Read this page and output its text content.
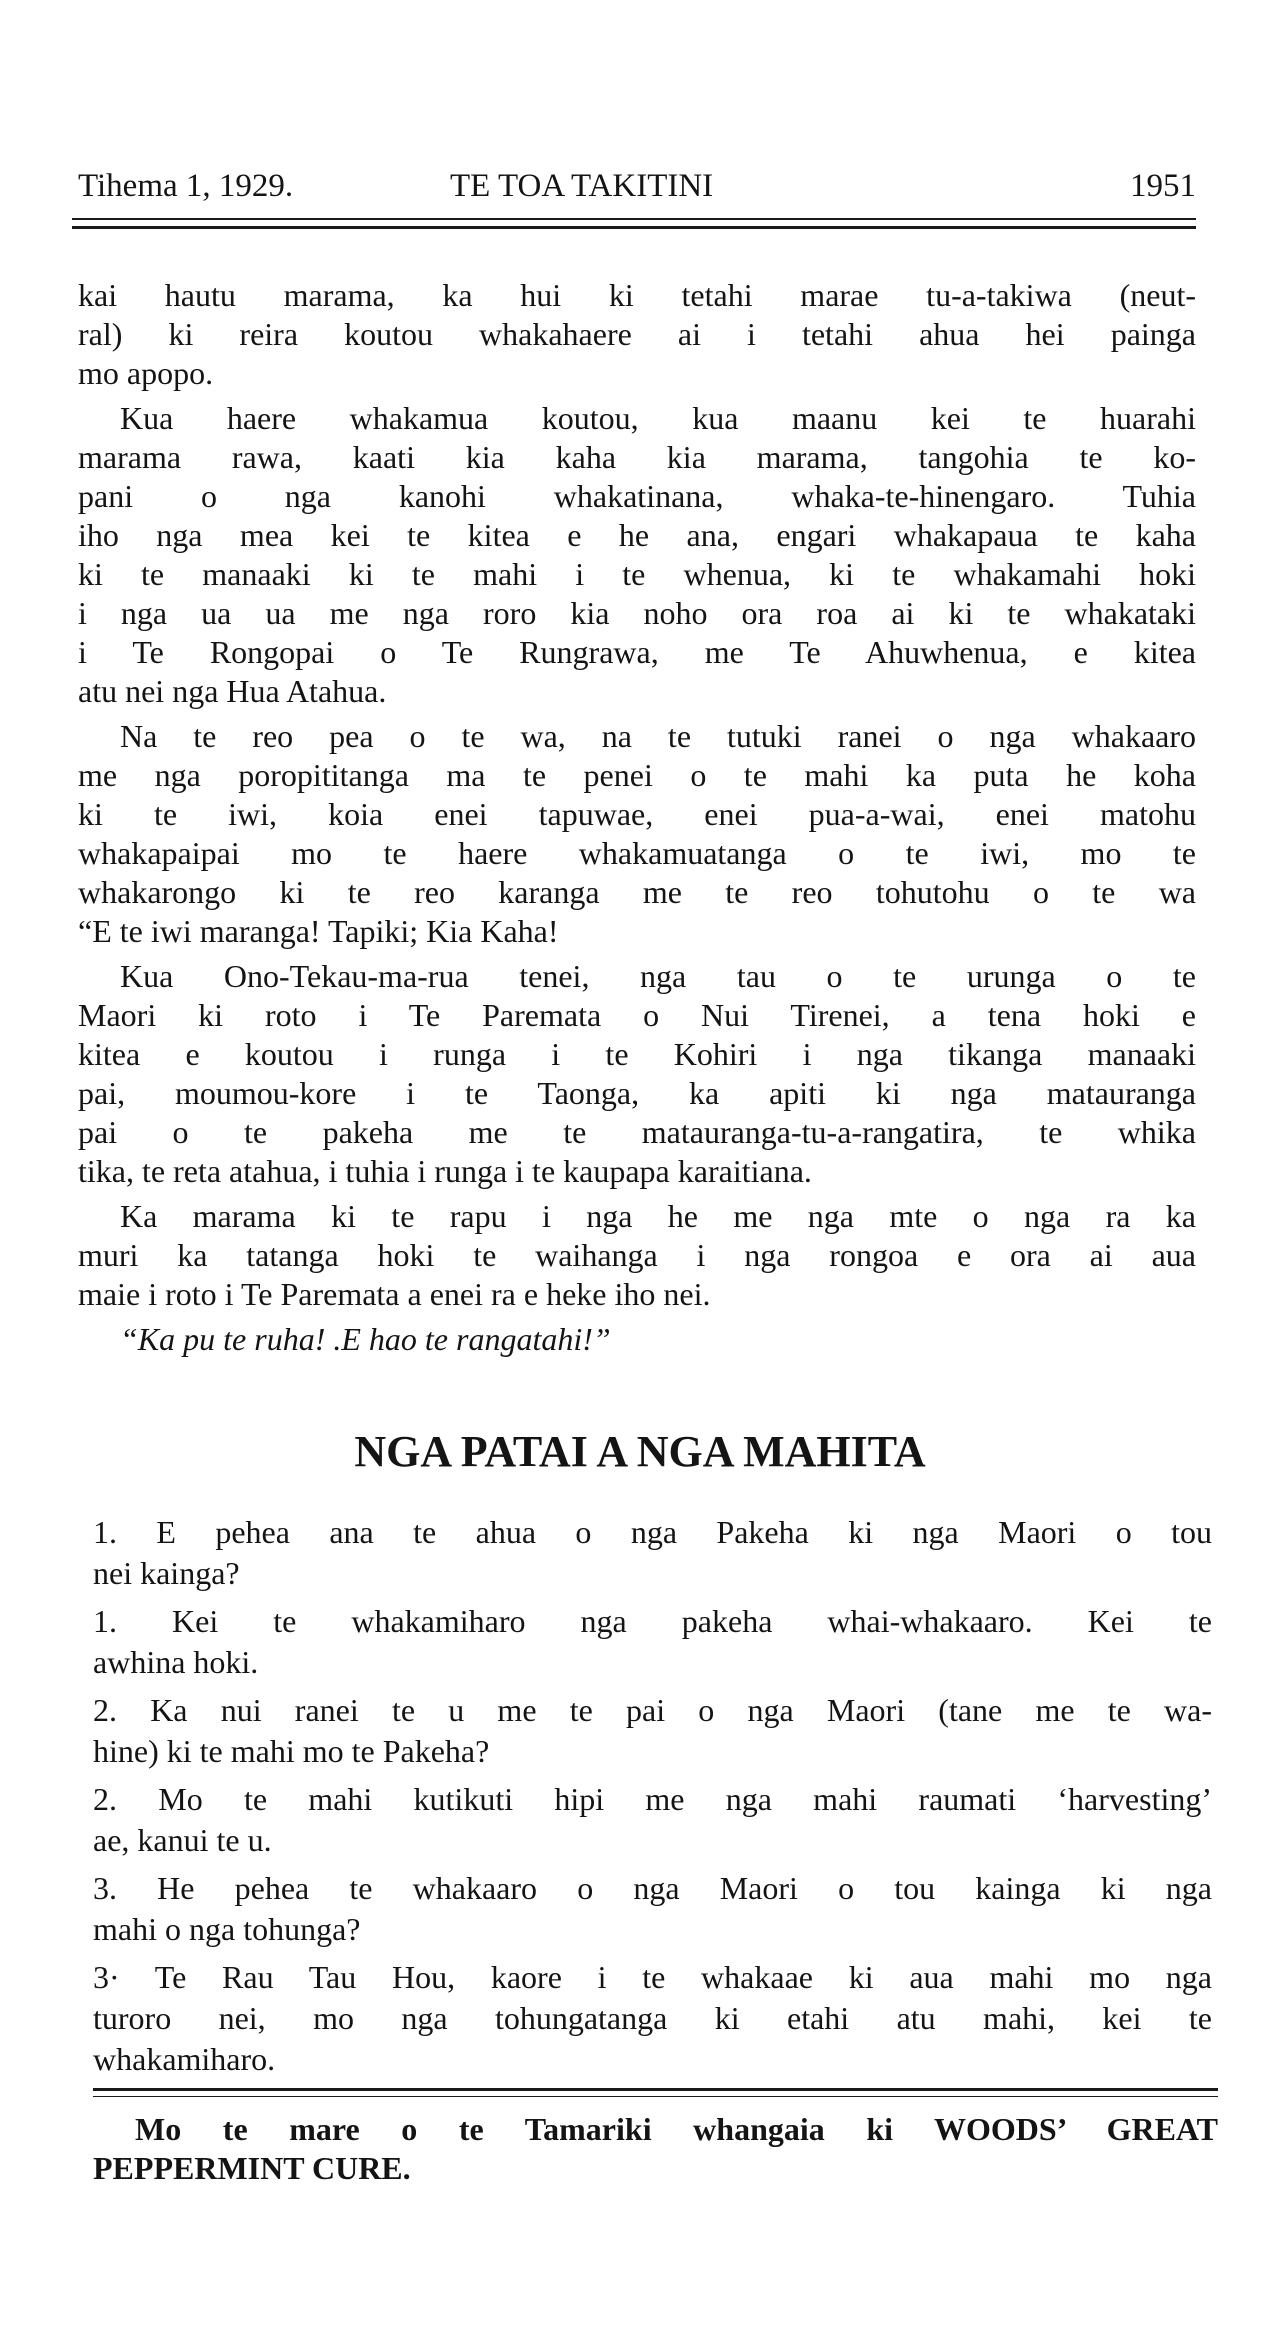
Tihema 1, 1929.	TE TOA TAKITINI	1951
kai hautu marama, ka hui ki tetahi marae tu-a-takiwa (neut-
ral) ki reira koutou whakahaere ai i tetahi ahua hei painga
mo apopo.
Kua haere whakamua koutou, kua maanu kei te huarahi
marama rawa, kaati kia kaha kia marama, tangohia te ko-
pani o nga kanohi whakatinana, whaka-te-hinengaro. Tuhia
iho nga mea kei te kitea e he ana, engari whakapaua te kaha
ki te manaaki ki te mahi i te whenua, ki te whakamahi hoki
i nga ua ua me nga roro kia noho ora roa ai ki te whakataki
i Te Rongopai o Te Rungrawa, me Te Ahuwhenua, e kitea
atu nei nga Hua Atahua.
Na te reo pea o te wa, na te tutuki ranei o nga whakaaro
me nga poropititanga ma te penei o te mahi ka puta he koha
ki te iwi, koia enei tapuwae, enei pua-a-wai, enei matohu
whakapaipai mo te haere whakamuatanga o te iwi, mo te
whakarongo ki te reo karanga me te reo tohutohu o te wa
“E te iwi maranga! Tapiki; Kia Kaha!
Kua Ono-Tekau-ma-rua tenei, nga tau o te urunga o te
Maori ki roto i Te Paremata o Nui Tirenei, a tena hoki e
kitea e koutou i runga i te Kohiri i nga tikanga manaaki
pai, moumou-kore i te Taonga, ka apiti ki nga matauranga
pai o te pakeha me te matauranga-tu-a-rangatira, te whika
tika, te reta atahua, i tuhia i runga i te kaupapa karaitiana.
Ka marama ki te rapu i nga he me nga mte o nga ra ka
muri ka tatanga hoki te waihanga i nga rongoa e ora ai aua
maie i roto i Te Paremata a enei ra e heke iho nei.
“Ka pu te ruha! .E hao te rangatahi!”
NGA PATAI A NGA MAHITA
1. E pehea ana te ahua o nga Pakeha ki nga Maori o tou
nei kainga?
1. Kei te whakamiharo nga pakeha whai-whakaaro. Kei te
awhina hoki.
2. Ka nui ranei te u me te pai o nga Maori (tane me te wa-
hine) ki te mahi mo te Pakeha?
2. Mo te mahi kutikuti hipi me nga mahi raumati ‘harvesting’
ae, kanui te u.
3. He pehea te whakaaro o nga Maori o tou kainga ki nga
mahi o nga tohunga?
3· Te Rau Tau Hou, kaore i te whakaae ki aua mahi mo nga
turoro nei, mo nga tohungatanga ki etahi atu mahi, kei te
whakamiharo.
Mo te mare o te Tamariki whangaia ki WOODS’ GREAT
PEPPERMINT CURE.
